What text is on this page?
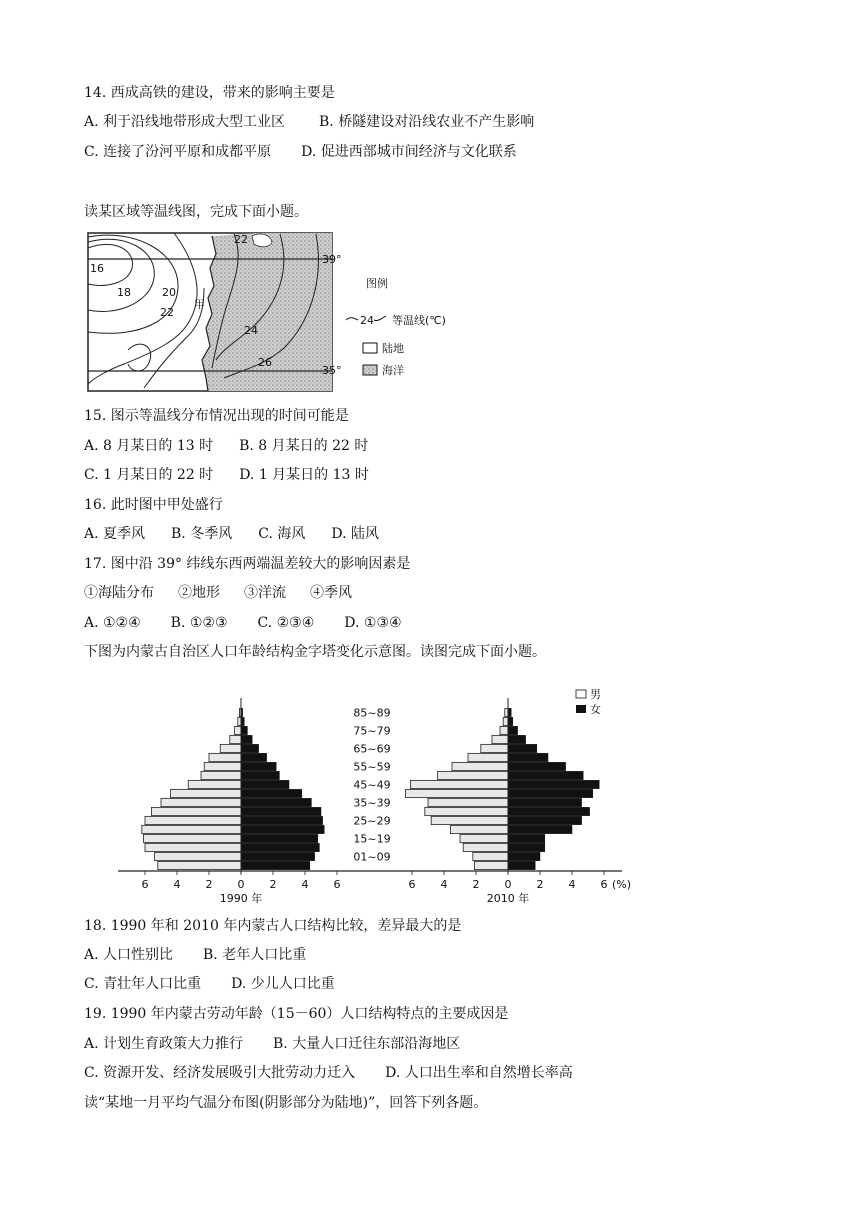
14. 西成高铁的建设，带来的影响主要是
A. 利于沿线地带形成大型工业区 B. 桥隧建设对沿线农业不产生影响
C. 连接了汾河平原和成都平原 D. 促进西部城市间经济与文化联系
读某区域等温线图，完成下面小题。
16
18	20
22
22
24
26
甲
39°
35°
图例
24 等温线(℃)
陆地
海洋
15. 图示等温线分布情况出现的时间可能是
A. 8 月某日的 13 时 B. 8 月某日的 22 时
C. 1 月某日的 22 时 D. 1 月某日的 13 时
16. 此时图中甲处盛行
A. 夏季风 B. 冬季风 C. 海风 D. 陆风
17. 图中沿 39° 纬线东西两端温差较大的影响因素是
①海陆分布 ②地形 ③洋流 ④季风
A. ①②④ B. ①②③ C. ②③④ D. ①③④
下图为内蒙古自治区人口年龄结构金字塔变化示意图。读图完成下面小题。
6 4 2 0 2 4 6
1990 年
6 4 2 0 2 4 6
2010 年
(%)
85~89
75~79
65~69
55~59
45~49
35~39
25~29
15~19
01~09
男
女
18. 1990 年和 2010 年内蒙古人口结构比较，差异最大的是
A. 人口性别比 B. 老年人口比重
C. 青壮年人口比重 D. 少儿人口比重
19. 1990 年内蒙古劳动年龄（15－60）人口结构特点的主要成因是
A. 计划生育政策大力推行 B. 大量人口迁往东部沿海地区
C. 资源开发、经济发展吸引大批劳动力迁入 D. 人口出生率和自然增长率高
读“某地一月平均气温分布图(阴影部分为陆地)”，回答下列各题。
